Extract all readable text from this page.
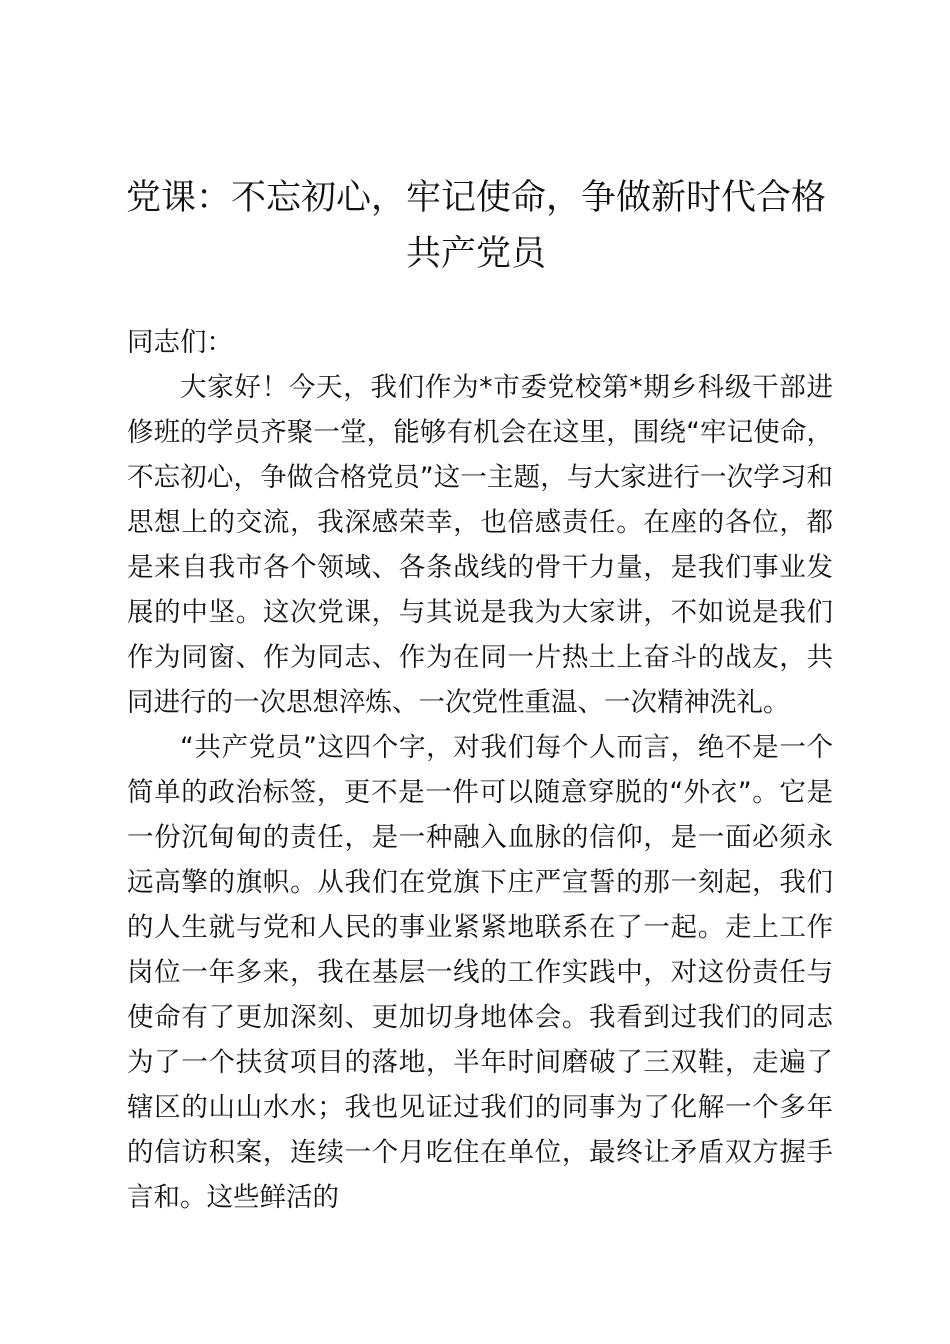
党课：不忘初心，牢记使命，争做新时代合格
共产党员

同志们：

大家好！今天，我们作为*市委党校第*期乡科级干部进修班的学员齐聚一堂，能够有机会在这里，围绕“牢记使命，不忘初心，争做合格党员”这一主题，与大家进行一次学习和思想上的交流，我深感荣幸，也倍感责任。在座的各位，都是来自我市各个领域、各条战线的骨干力量，是我们事业发展的中坚。这次党课，与其说是我为大家讲，不如说是我们作为同窗、作为同志、作为在同一片热土上奋斗的战友，共同进行的一次思想淬炼、一次党性重温、一次精神洗礼。

“共产党员”这四个字，对我们每个人而言，绝不是一个简单的政治标签，更不是一件可以随意穿脱的“外衣”。它是一份沉甸甸的责任，是一种融入血脉的信仰，是一面必须永远高擎的旗帜。从我们在党旗下庄严宣誓的那一刻起，我们的人生就与党和人民的事业紧紧地联系在了一起。走上工作岗位一年多来，我在基层一线的工作实践中，对这份责任与使命有了更加深刻、更加切身地体会。我看到过我们的同志为了一个扶贫项目的落地，半年时间磨破了三双鞋，走遍了辖区的山山水水；我也见证过我们的同事为了化解一个多年的信访积案，连续一个月吃住在单位，最终让矛盾双方握手言和。这些鲜活的
